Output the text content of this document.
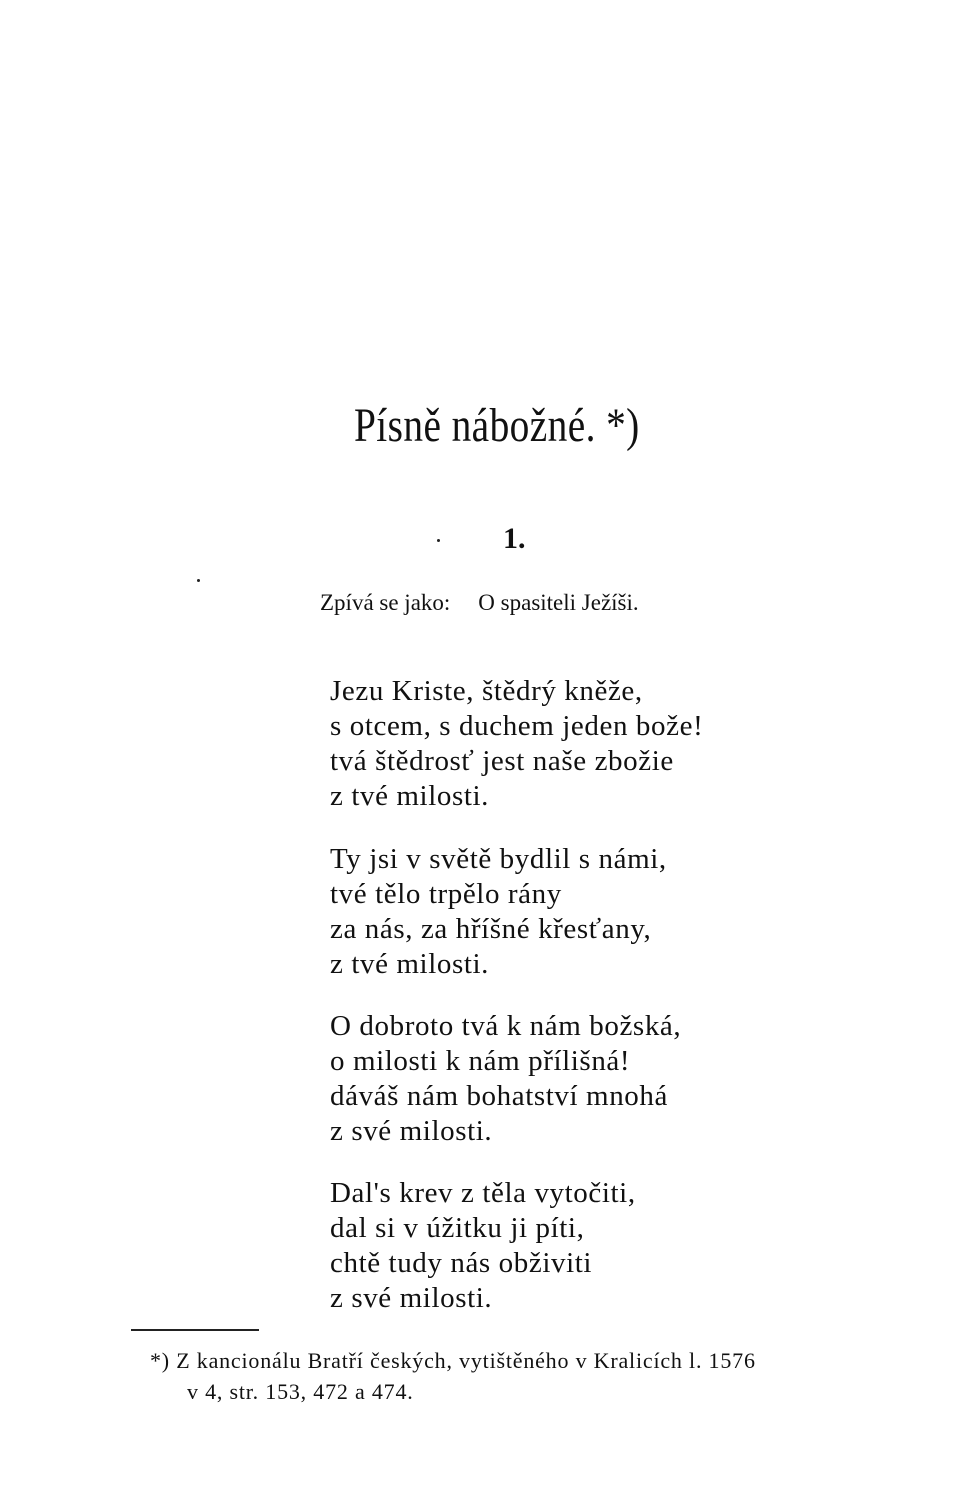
Písně nábožné. *)

1.

Zpívá se jako: O spasiteli Ježíši.

Jezu Kriste, štědrý kněže,
s otcem, s duchem jeden bože!
tvá štědrosť jest naše zbožie
z tvé milosti.
Ty jsi v světě bydlil s námi,
tvé tělo trpělo rány
za nás, za hříšné křesťany,
z tvé milosti.
O dobroto tvá k nám božská,
o milosti k nám přílišná!
dáváš nám bohatství mnohá
z své milosti.
Dal's krev z těla vytočiti,
dal si v úžitku ji píti,
chtě tudy nás obživiti
z své milosti.

*) Z kancionálu Bratří českých, vytištěného v Kralicích l. 1576
v 4, str. 153, 472 a 474.
